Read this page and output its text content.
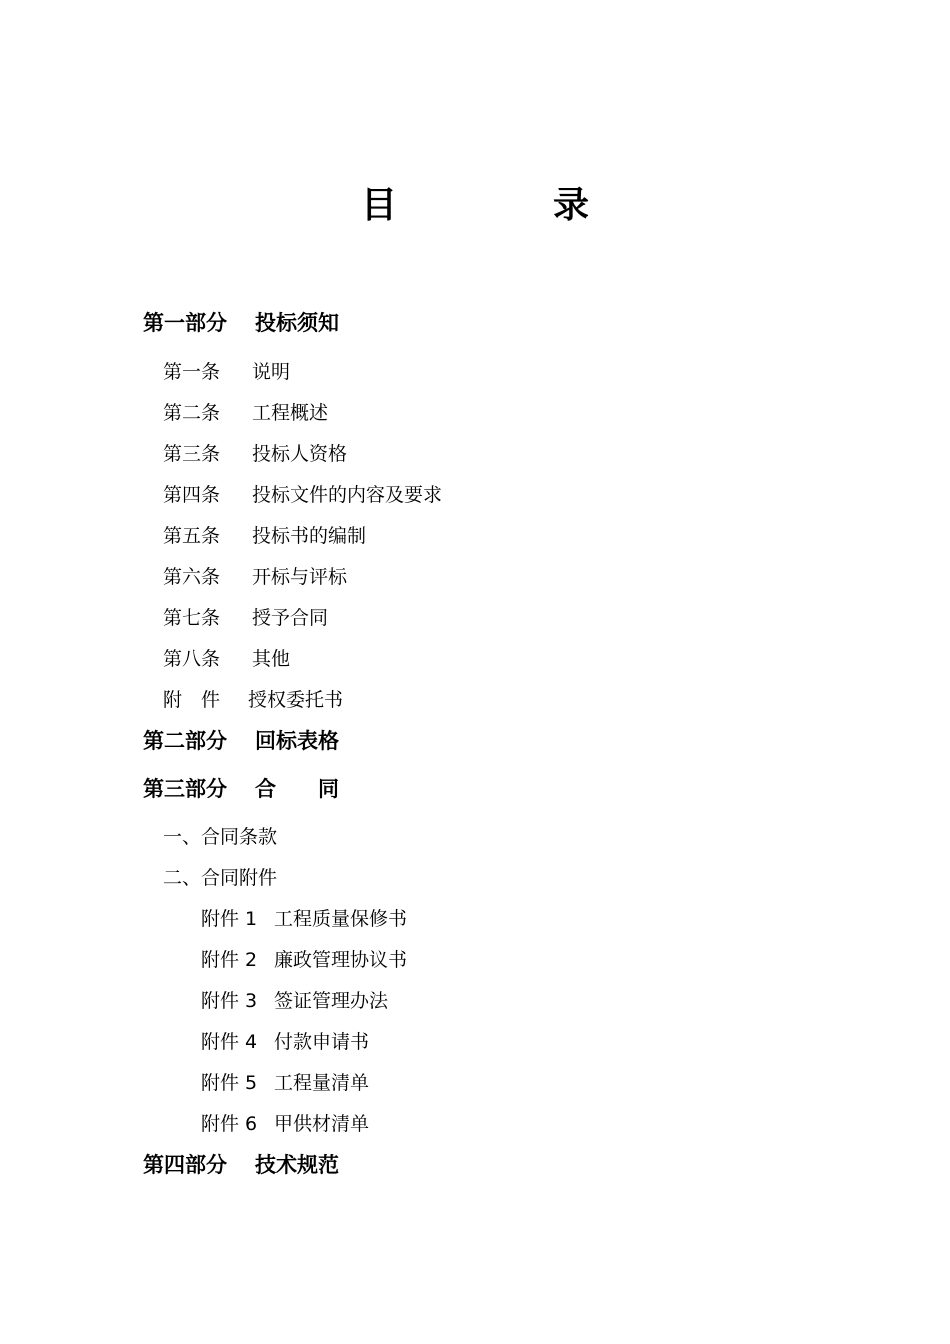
目	录
第一部分 投标须知
第一条 说明
第二条 工程概述
第三条 投标人资格
第四条 投标文件的内容及要求
第五条 投标书的编制
第六条 开标与评标
第七条 授予合同
第八条 其他
附　件 授权委托书
第二部分 回标表格
第三部分 合　　同
一、合同条款
二、合同附件
附件 1 工程质量保修书
附件 2 廉政管理协议书
附件 3 签证管理办法
附件 4 付款申请书
附件 5 工程量清单
附件 6 甲供材清单
第四部分 技术规范
